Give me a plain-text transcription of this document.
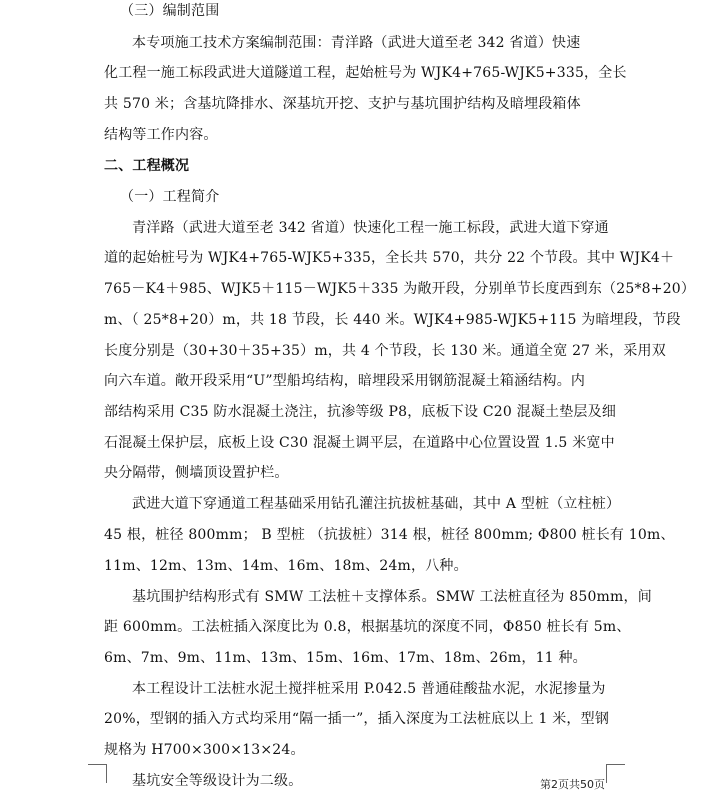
（三）编制范围
本专项施工技术方案编制范围：青洋路（武进大道至老 342 省道）快速
化工程一施工标段武进大道隧道工程，起始桩号为 WJK4+765-WJK5+335，全长
共 570 米；含基坑降排水、深基坑开挖、支护与基坑围护结构及暗埋段箱体
结构等工作内容。
二、工程概况
（一）工程简介
青洋路（武进大道至老 342 省道）快速化工程一施工标段，武进大道下穿通
道的起始桩号为 WJK4+765-WJK5+335，全长共 570，共分 22 个节段。其中 WJK4＋
765－K4＋985、WJK5＋115－WJK5＋335 为敞开段，分别单节长度西到东（25*8+20）
m、（ 25*8+20）m，共 18 节段，长 440 米。WJK4+985-WJK5+115 为暗埋段，节段
长度分别是（30+30＋35+35）m，共 4 个节段，长 130 米。通道全宽 27 米，采用双
向六车道。敞开段采用“U”型船坞结构，暗埋段采用钢筋混凝土箱涵结构。内
部结构采用 C35 防水混凝土浇注，抗渗等级 P8，底板下设 C20 混凝土垫层及细
石混凝土保护层，底板上设 C30 混凝土调平层，在道路中心位置设置 1.5 米宽中
央分隔带，侧墙顶设置护栏。
武进大道下穿通道工程基础采用钻孔灌注抗拔桩基础，其中 A 型桩（立柱桩）
45 根，桩径 800mm； B 型桩 （抗拔桩）314 根，桩径 800mm; Φ800 桩长有 10m、
11m、12m、13m、14m、16m、18m、24m，八种。
基坑围护结构形式有 SMW 工法桩＋支撑体系。SMW 工法桩直径为 850mm，间
距 600mm。工法桩插入深度比为 0.8，根据基坑的深度不同，Φ850 桩长有 5m、
6m、7m、9m、11m、13m、15m、16m、17m、18m、26m，11 种。
本工程设计工法桩水泥土搅拌桩采用 P.042.5 普通硅酸盐水泥，水泥掺量为
20%，型钢的插入方式均采用“隔一插一”，插入深度为工法桩底以上 1 米，型钢
规格为 H700×300×13×24。
基坑安全等级设计为二级。	第2页共50页
